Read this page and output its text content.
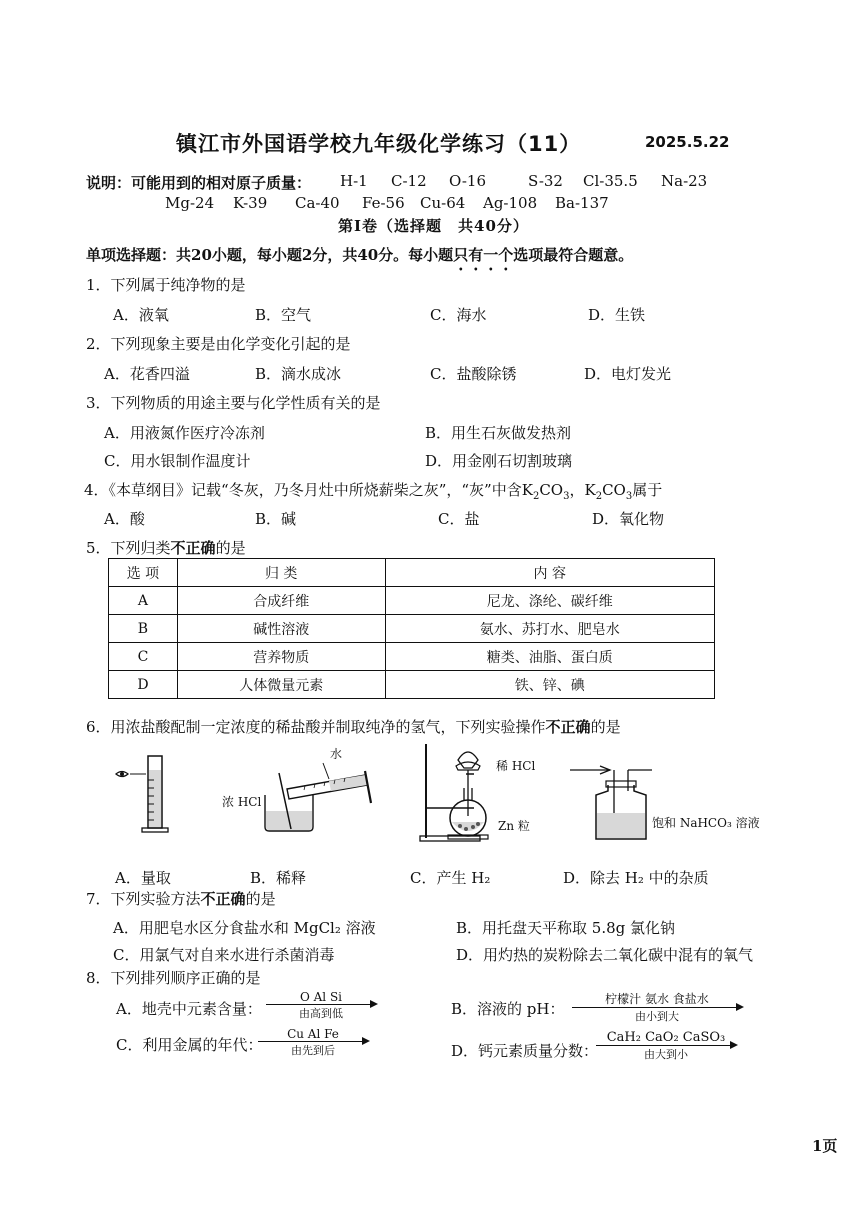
镇江市外国语学校九年级化学练习（11）	2025.5.22
说明：可能用到的相对原子质量： H-1 C-12 O-16	S-32 Cl-35.5 Na-23
Mg-24 K-39 Ca-40 Fe-56 Cu-64 Ag-108 Ba-137
第Ⅰ卷（选择题　共40分）
单项选择题：共20小题，每小题2分，共40分。每小题只有一个选项最符合题意。
1．下列属于纯净物的是
A．液氧	B．空气	C．海水	D．生铁
2．下列现象主要是由化学变化引起的是
A．花香四溢	B．滴水成冰	C．盐酸除锈	D．电灯发光
3．下列物质的用途主要与化学性质有关的是
A．用液氮作医疗冷冻剂	B．用生石灰做发热剂
C．用水银制作温度计	D．用金刚石切割玻璃
4．《本草纲目》记载“冬灰，乃冬月灶中所烧薪柴之灰”，“灰”中含$K_2CO_3$，$K_2CO_3$属于
A．酸	B．碱	C．盐	D．氧化物
5．下列归类不正确的是
选 项	归 类	内 容
A	合成纤维	尼龙、涤纶、碳纤维
B	碱性溶液	氨水、苏打水、肥皂水
C	营养物质	糖类、油脂、蛋白质
D	人体微量元素	铁、锌、碘
6．用浓盐酸配制一定浓度的稀盐酸并制取纯净的氢气，下列实验操作不正确的是
水
浓 HCl
稀 HCl
Zn 粒	饱和 NaHCO₃ 溶液
A．量取	B．稀释	C．产生 H₂	D．除去 H₂ 中的杂质
7．下列实验方法不正确的是
A．用肥皂水区分食盐水和 MgCl₂ 溶液	B．用托盘天平称取 5.8g 氯化钠
C．用氯气对自来水进行杀菌消毒	D．用灼热的炭粉除去二氧化碳中混有的氧气
8．下列排列顺序正确的是
A．地壳中元素含量：
O Al Si
由高到低	B．溶液的 pH：
柠檬汁 氨水 食盐水
由小到大
C．利用金属的年代：
Cu Al Fe
由先到后	D．钙元素质量分数：
CaH₂ CaO₂ CaSO₃
由大到小
1页
